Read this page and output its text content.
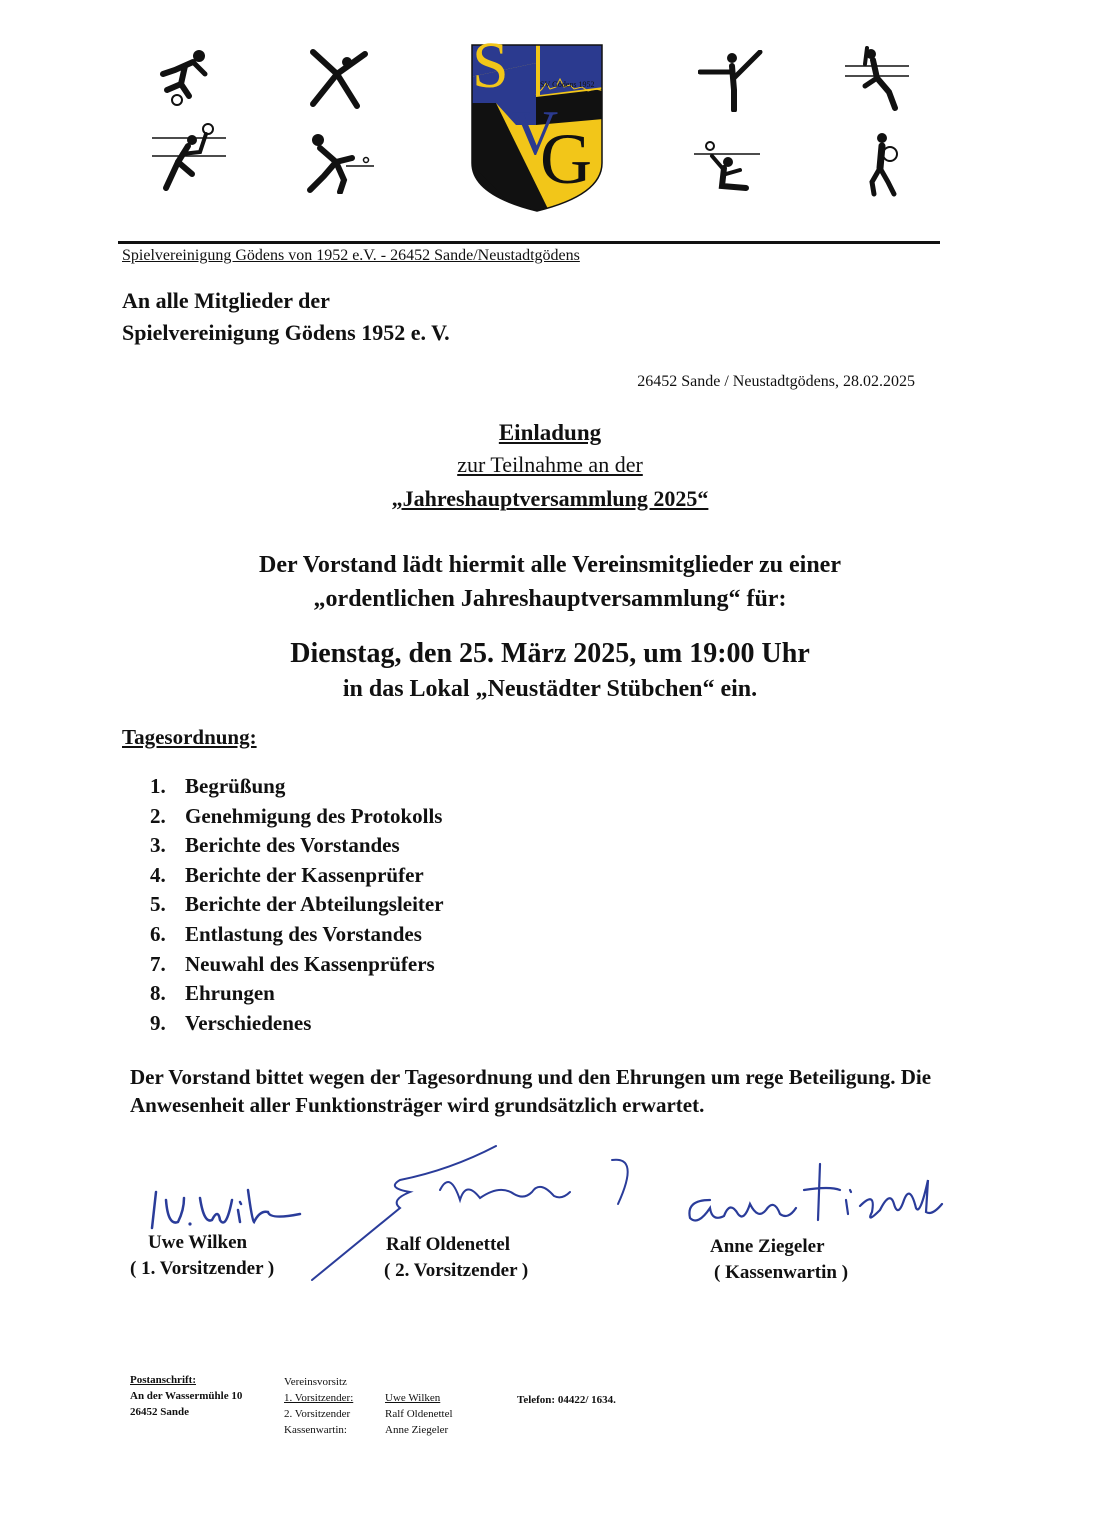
S
V
G
SV Gödens 1952
Spielvereinigung Gödens von 1952 e.V. - 26452 Sande/Neustadtgödens
An alle Mitglieder der
Spielvereinigung Gödens 1952 e. V.
26452 Sande / Neustadtgödens, 28.02.2025
Einladung
zur Teilnahme an der
„Jahreshauptversammlung 2025“
Der Vorstand lädt hiermit alle Vereinsmitglieder zu einer
„ordentlichen Jahreshauptversammlung“ für:
Dienstag, den 25. März 2025, um 19:00 Uhr
in das Lokal „Neustädter Stübchen“ ein.
Tagesordnung:
1. Begrüßung
2. Genehmigung des Protokolls
3. Berichte des Vorstandes
4. Berichte der Kassenprüfer
5. Berichte der Abteilungsleiter
6. Entlastung des Vorstandes
7. Neuwahl des Kassenprüfers
8. Ehrungen
9. Verschiedenes
Der Vorstand bittet wegen der Tagesordnung und den Ehrungen um rege Beteiligung. Die Anwesenheit aller Funktionsträger wird grundsätzlich erwartet.
Uwe Wilken
( 1. Vorsitzender )
Ralf Oldenettel
( 2. Vorsitzender )
Anne Ziegeler
( Kassenwartin )
Postanschrift:
An der Wassermühle 10
26452 Sande
Vereinsvorsitz
1. Vorsitzender:	Uwe Wilken
2. Vorsitzender	Ralf Oldenettel
Kassenwartin:	Anne Ziegeler
Telefon: 04422/ 1634.
